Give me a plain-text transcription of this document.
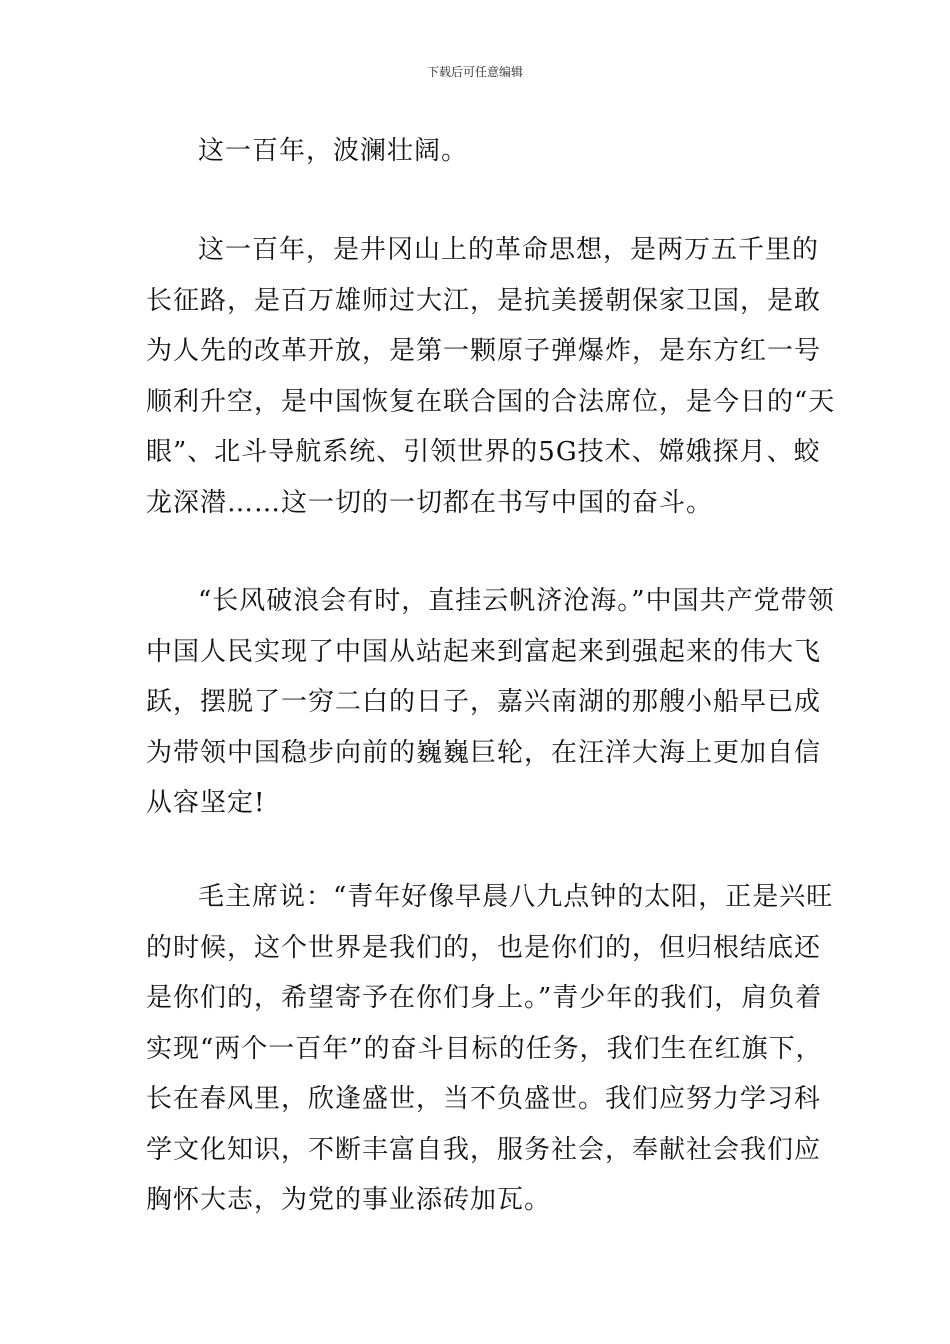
下载后可任意编辑

这一百年，波澜壮阔。

这一百年，是井冈山上的革命思想，是两万五千里的长征路，是百万雄师过大江，是抗美援朝保家卫国，是敢为人先的改革开放，是第一颗原子弹爆炸，是东方红一号顺利升空，是中国恢复在联合国的合法席位，是今日的“天眼”、北斗导航系统、引领世界的5G技术、嫦娥探月、蛟龙深潜……这一切的一切都在书写中国的奋斗。

“长风破浪会有时，直挂云帆济沧海。”中国共产党带领中国人民实现了中国从站起来到富起来到强起来的伟大飞跃，摆脱了一穷二白的日子，嘉兴南湖的那艘小船早已成为带领中国稳步向前的巍巍巨轮，在汪洋大海上更加自信从容坚定!

毛主席说：“青年好像早晨八九点钟的太阳，正是兴旺的时候，这个世界是我们的，也是你们的，但归根结底还是你们的，希望寄予在你们身上。”青少年的我们，肩负着实现“两个一百年”的奋斗目标的任务，我们生在红旗下，长在春风里，欣逢盛世，当不负盛世。我们应努力学习科学文化知识，不断丰富自我，服务社会，奉献社会我们应胸怀大志，为党的事业添砖加瓦。
